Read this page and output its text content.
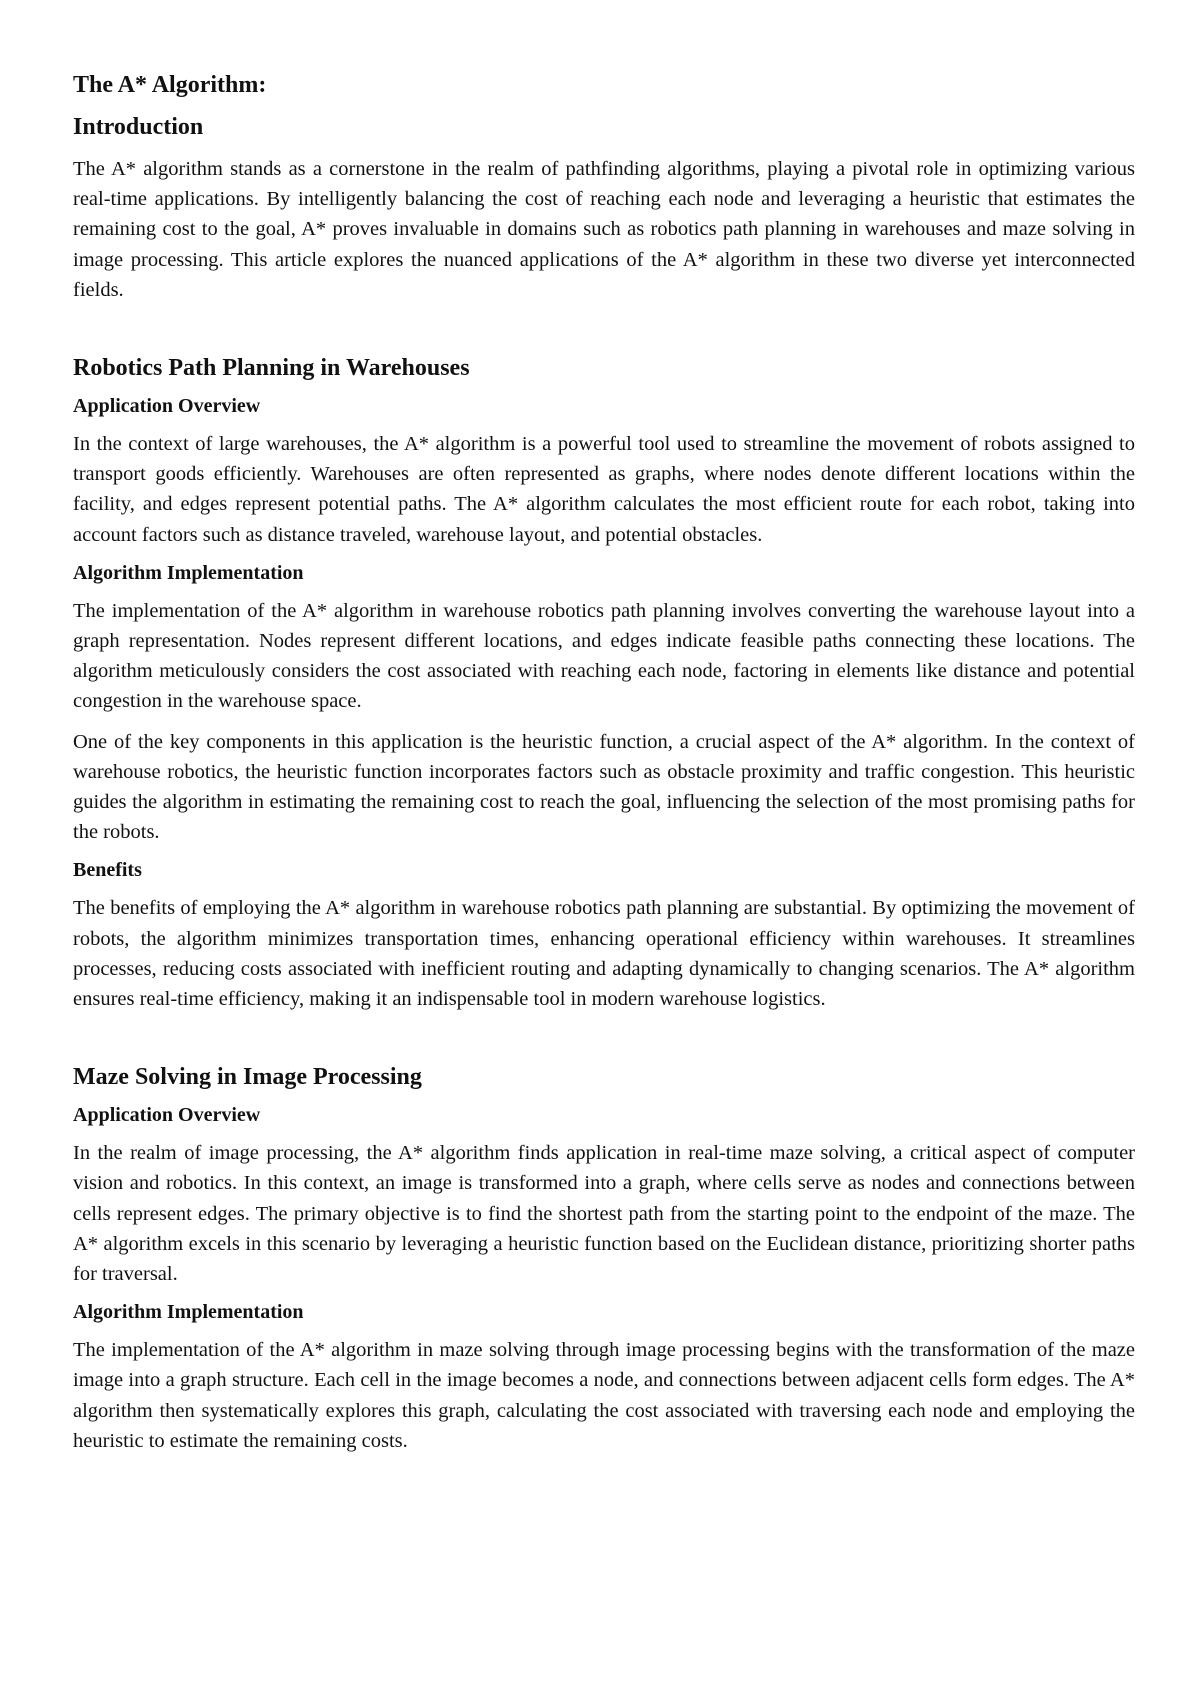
The A* Algorithm:
Introduction

The A* algorithm stands as a cornerstone in the realm of pathfinding algorithms, playing a pivotal role in optimizing various real-time applications. By intelligently balancing the cost of reaching each node and leveraging a heuristic that estimates the remaining cost to the goal, A* proves invaluable in domains such as robotics path planning in warehouses and maze solving in image processing. This article explores the nuanced applications of the A* algorithm in these two diverse yet interconnected fields.

Robotics Path Planning in Warehouses
Application Overview

In the context of large warehouses, the A* algorithm is a powerful tool used to streamline the movement of robots assigned to transport goods efficiently. Warehouses are often represented as graphs, where nodes denote different locations within the facility, and edges represent potential paths. The A* algorithm calculates the most efficient route for each robot, taking into account factors such as distance traveled, warehouse layout, and potential obstacles.

Algorithm Implementation

The implementation of the A* algorithm in warehouse robotics path planning involves converting the warehouse layout into a graph representation. Nodes represent different locations, and edges indicate feasible paths connecting these locations. The algorithm meticulously considers the cost associated with reaching each node, factoring in elements like distance and potential congestion in the warehouse space.

One of the key components in this application is the heuristic function, a crucial aspect of the A* algorithm. In the context of warehouse robotics, the heuristic function incorporates factors such as obstacle proximity and traffic congestion. This heuristic guides the algorithm in estimating the remaining cost to reach the goal, influencing the selection of the most promising paths for the robots.

Benefits

The benefits of employing the A* algorithm in warehouse robotics path planning are substantial. By optimizing the movement of robots, the algorithm minimizes transportation times, enhancing operational efficiency within warehouses. It streamlines processes, reducing costs associated with inefficient routing and adapting dynamically to changing scenarios. The A* algorithm ensures real-time efficiency, making it an indispensable tool in modern warehouse logistics.

Maze Solving in Image Processing
Application Overview

In the realm of image processing, the A* algorithm finds application in real-time maze solving, a critical aspect of computer vision and robotics. In this context, an image is transformed into a graph, where cells serve as nodes and connections between cells represent edges. The primary objective is to find the shortest path from the starting point to the endpoint of the maze. The A* algorithm excels in this scenario by leveraging a heuristic function based on the Euclidean distance, prioritizing shorter paths for traversal.

Algorithm Implementation

The implementation of the A* algorithm in maze solving through image processing begins with the transformation of the maze image into a graph structure. Each cell in the image becomes a node, and connections between adjacent cells form edges. The A* algorithm then systematically explores this graph, calculating the cost associated with traversing each node and employing the heuristic to estimate the remaining costs.
